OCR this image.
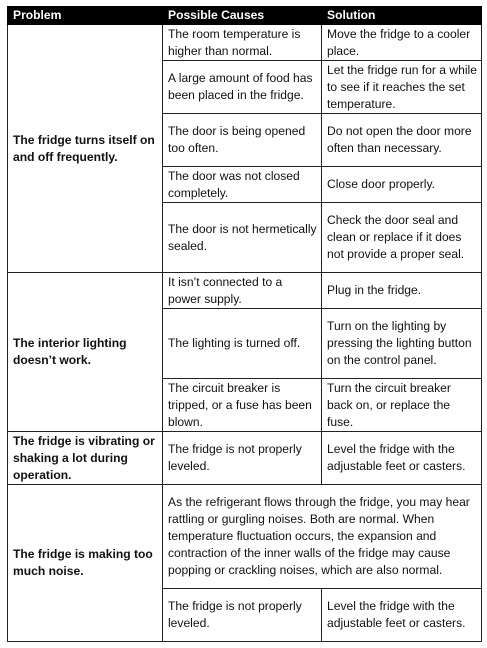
Problem	Possible Causes	Solution
The fridge turns itself on and off frequently.	The room temperature is higher than normal.	Move the fridge to a cooler place.
	A large amount of food has been placed in the fridge.	Let the fridge run for a while to see if it reaches the set temperature.
	The door is being opened too often.	Do not open the door more often than necessary.
	The door was not closed completely.	Close door properly.
	The door is not hermetically sealed.	Check the door seal and clean or replace if it does not provide a proper seal.
The interior lighting doesn’t work.	It isn’t connected to a power supply.	Plug in the fridge.
	The lighting is turned off.	Turn on the lighting by pressing the lighting button on the control panel.
	The circuit breaker is tripped, or a fuse has been blown.	Turn the circuit breaker back on, or replace the fuse.
The fridge is vibrating or shaking a lot during operation.	The fridge is not properly leveled.	Level the fridge with the adjustable feet or casters.
The fridge is making too much noise.	As the refrigerant flows through the fridge, you may hear rattling or gurgling noises. Both are normal. When temperature fluctuation occurs, the expansion and contraction of the inner walls of the fridge may cause popping or crackling noises, which are also normal.	
	The fridge is not properly leveled.	Level the fridge with the adjustable feet or casters.
